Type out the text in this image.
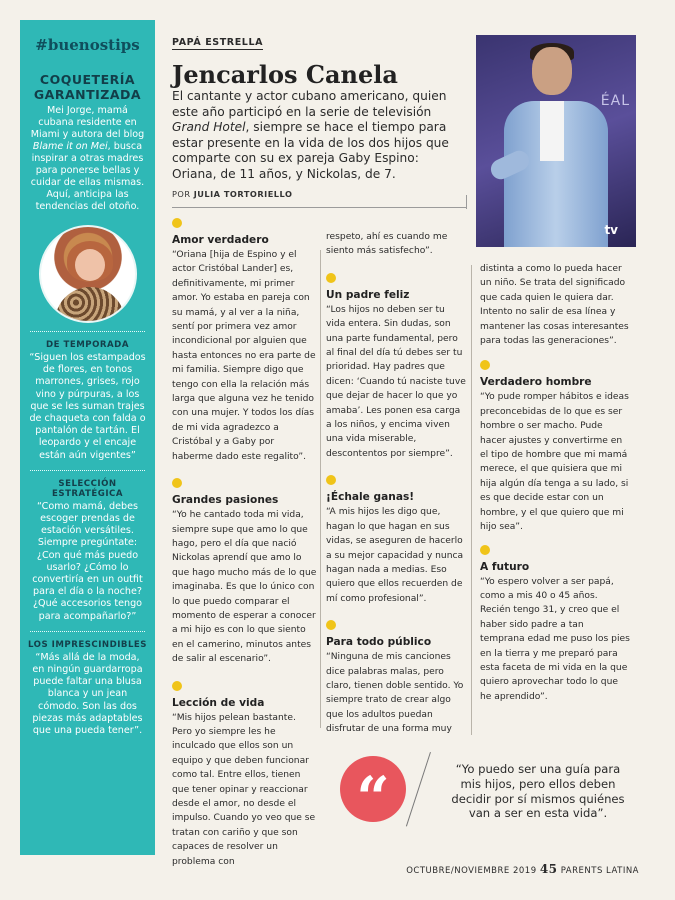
#buenostips
COQUETERÍA GARANTIZADA

Mei Jorge, mamá cubana residente en Miami y autora del blog Blame it on Mei, busca inspirar a otras madres para ponerse bellas y cuidar de ellas mismas. Aquí, anticipa las tendencias del otoño.

DE TEMPORADA

“Siguen los estampados de flores, en tonos marrones, grises, rojo vino y púrpuras, a los que se les suman trajes de chaqueta con falda o pantalón de tartán. El leopardo y el encaje están aún vigentes”

SELECCIÓN ESTRATÉGICA

“Como mamá, debes escoger prendas de estación versátiles. Siempre pregúntate: ¿Con qué más puedo usarlo? ¿Cómo lo convertiría en un outfit para el día o la noche? ¿Qué accesorios tengo para acompañarlo?”

LOS IMPRESCINDIBLES

“Más allá de la moda, en ningún guardarropa puede faltar una blusa blanca y un jean cómodo. Son las dos piezas más adaptables que una pueda tener”.

PAPÁ ESTRELLA
Jencarlos Canela

El cantante y actor cubano americano, quien este año participó en la serie de televisión Grand Hotel, siempre se hace el tiempo para estar presente en la vida de los dos hijos que comparte con su ex pareja Gaby Espino: Oriana, de 11 años, y Nickolas, de 7.

POR JULIA TORTORIELLO
ÉAL
tv
Amor verdadero

“Oriana [hija de Espino y el actor Cristóbal Lander] es, definitivamente, mi primer amor. Yo estaba en pareja con su mamá, y al ver a la niña, sentí por primera vez amor incondicional por alguien que hasta entonces no era parte de mi familia. Siempre digo que tengo con ella la relación más larga que alguna vez he tenido con una mujer. Y todos los días de mi vida agradezco a Cristóbal y a Gaby por haberme dado este regalito”.

Grandes pasiones

“Yo he cantado toda mi vida, siempre supe que amo lo que hago, pero el día que nació Nickolas aprendí que amo lo que hago mucho más de lo que imaginaba. Es que lo único con lo que puedo comparar el momento de esperar a conocer a mi hijo es con lo que siento en el camerino, minutos antes de salir al escenario”.

Lección de vida

“Mis hijos pelean bastante. Pero yo siempre les he inculcado que ellos son un equipo y que deben funcionar como tal. Entre ellos, tienen que tener opinar y reaccionar desde el amor, no desde el impulso. Cuando yo veo que se tratan con cariño y que son capaces de resolver un problema con

respeto, ahí es cuando me siento más satisfecho”.

Un padre feliz

“Los hijos no deben ser tu vida entera. Sin dudas, son una parte fundamental, pero al final del día tú debes ser tu prioridad. Hay padres que dicen: ‘Cuando tú naciste tuve que dejar de hacer lo que yo amaba’. Les ponen esa carga a los niños, y encima viven una vida miserable, descontentos por siempre”.

¡Échale ganas!

“A mis hijos les digo que, hagan lo que hagan en sus vidas, se aseguren de hacerlo a su mejor capacidad y nunca hagan nada a medias. Eso quiero que ellos recuerden de mí como profesional”.

Para todo público

“Ninguna de mis canciones dice palabras malas, pero claro, tienen doble sentido. Yo siempre trato de crear algo que los adultos puedan disfrutar de una forma muy

distinta a como lo pueda hacer un niño. Se trata del significado que cada quien le quiera dar. Intento no salir de esa línea y mantener las cosas interesantes para todas las generaciones”.

Verdadero hombre

“Yo pude romper hábitos e ideas preconcebidas de lo que es ser hombre o ser macho. Pude hacer ajustes y convertirme en el tipo de hombre que mi mamá merece, el que quisiera que mi hija algún día tenga a su lado, si es que decide estar con un hombre, y el que quiero que mi hijo sea”.

A futuro

“Yo espero volver a ser papá, como a mis 40 o 45 años. Recién tengo 31, y creo que el haber sido padre a tan temprana edad me puso los pies en la tierra y me preparó para esta faceta de mi vida en la que quiero aprovechar todo lo que he aprendido”.

“	“Yo puedo ser una guía para mis hijos, pero ellos deben decidir por sí mismos quiénes van a ser en esta vida”.

OCTUBRE/NOVIEMBRE 2019 45 PARENTS LATINA
